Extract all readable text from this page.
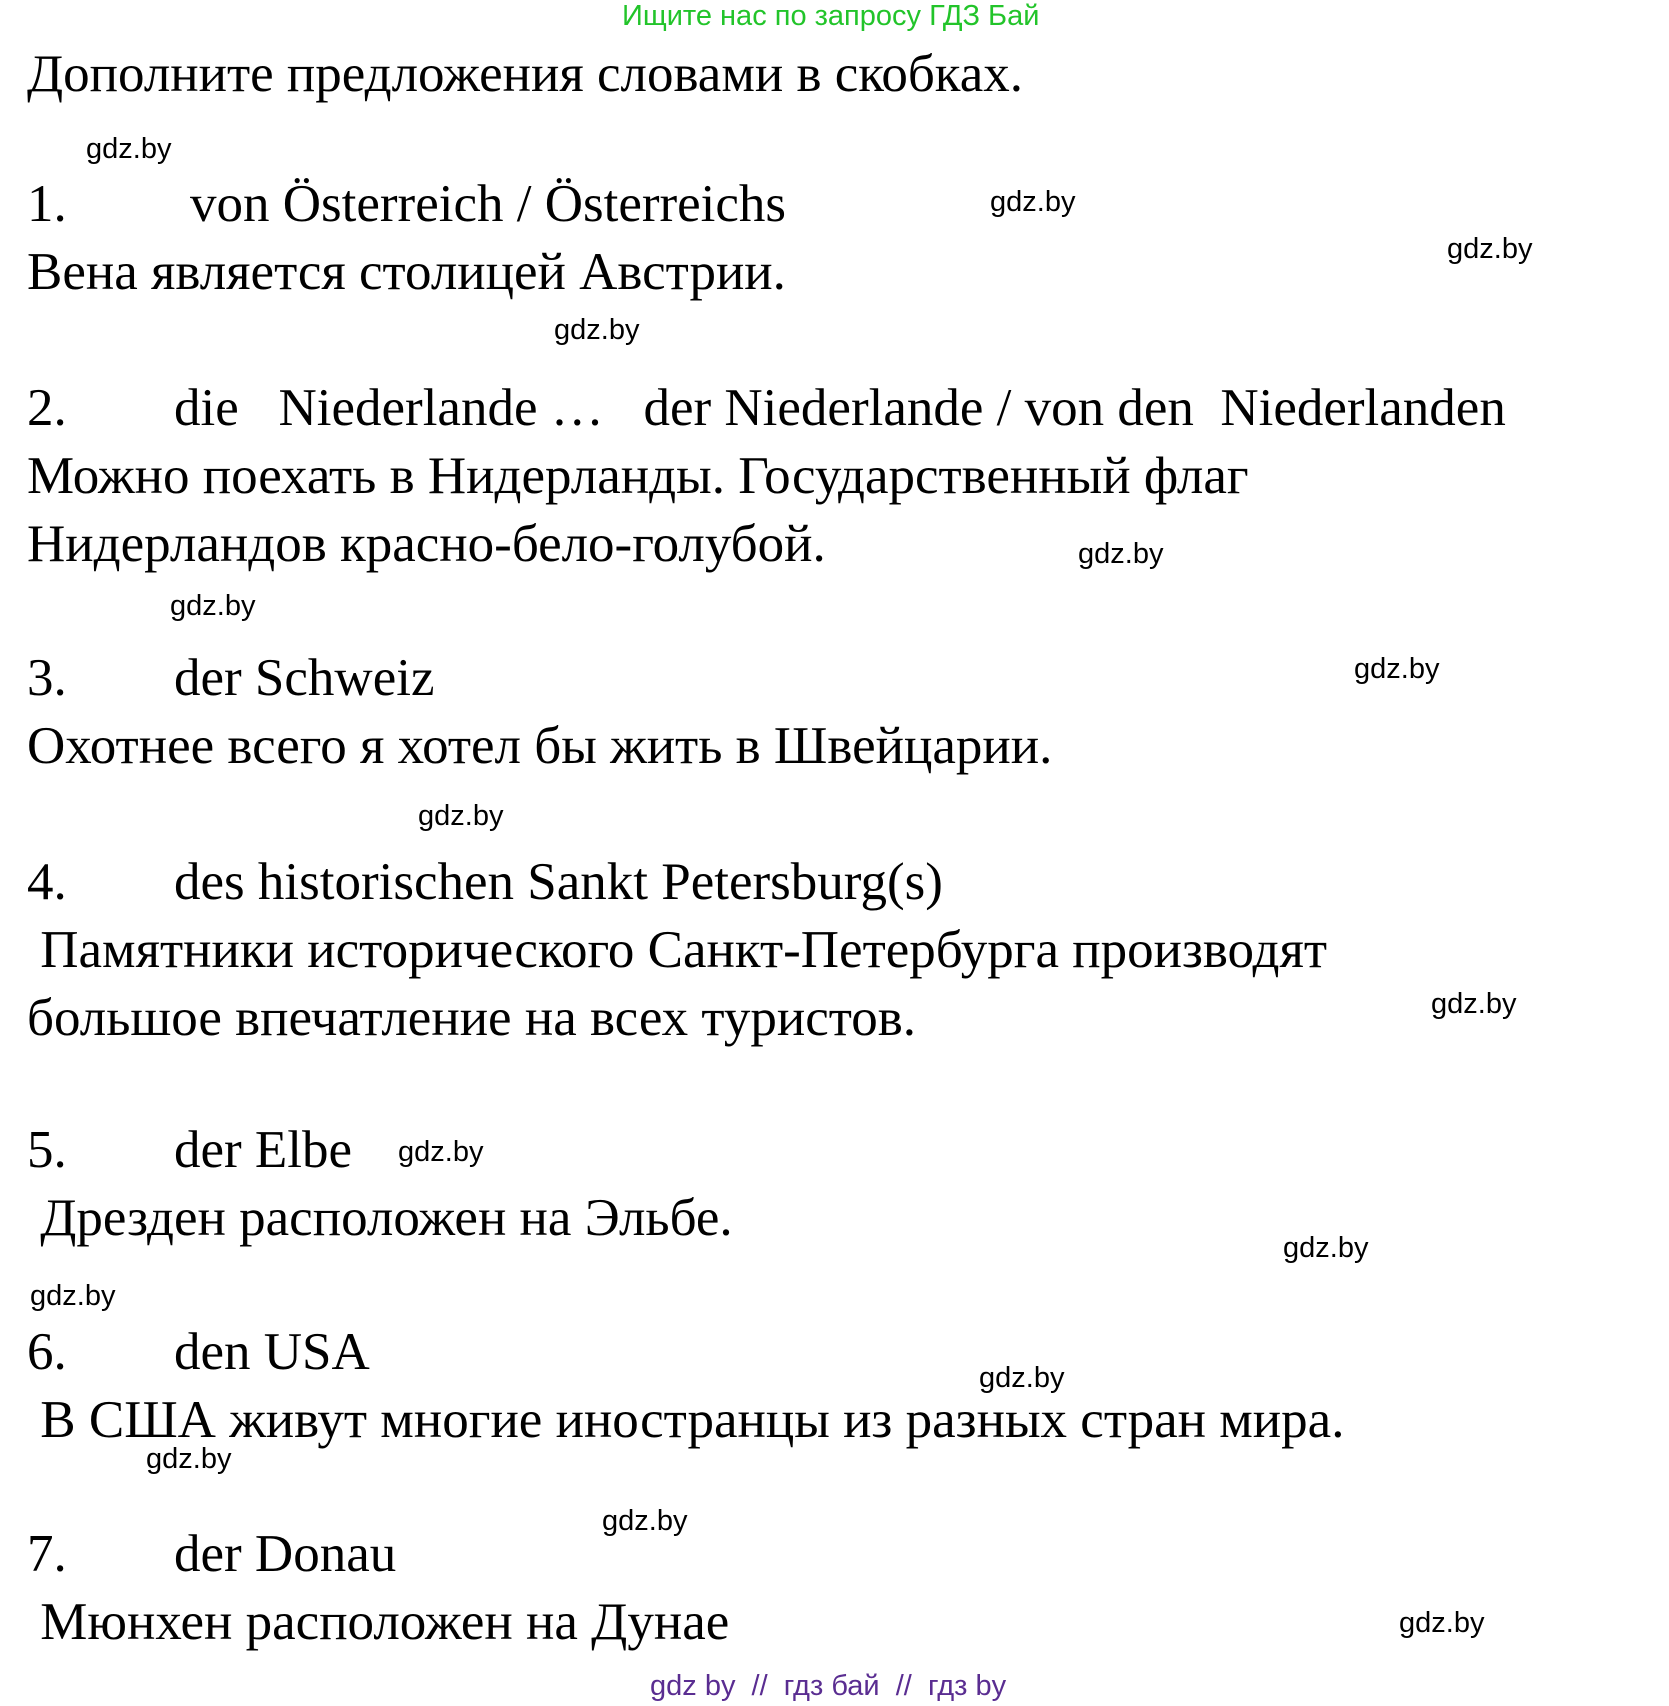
Ищите нас по запросу ГДЗ Бай
Дополните предложения словами в скобках.
1. von Österreich / Österreichs
Вена является столицей Австрии.
2. die   Niederlande …   der Niederlande / von den  Niederlanden
Можно поехать в Нидерланды. Государственный флаг
Нидерландов красно-бело-голубой.
3. der Schweiz
Охотнее всего я хотел бы жить в Швейцарии.
4. des historischen Sankt Petersburg(s)
Памятники исторического Санкт-Петербурга производят
большое впечатление на всех туристов.
5. der Elbe
Дрезден расположен на Эльбе.
6. den USA
В США живут многие иностранцы из разных стран мира.
7. der Donau
Мюнхен расположен на Дунае
gdz.by
gdz.by
gdz.by
gdz.by
gdz.by
gdz.by
gdz.by
gdz.by
gdz.by
gdz.by
gdz.by
gdz.by
gdz.by
gdz.by
gdz.by
gdz.by
gdz by  //  гдз бай  //  гдз by
